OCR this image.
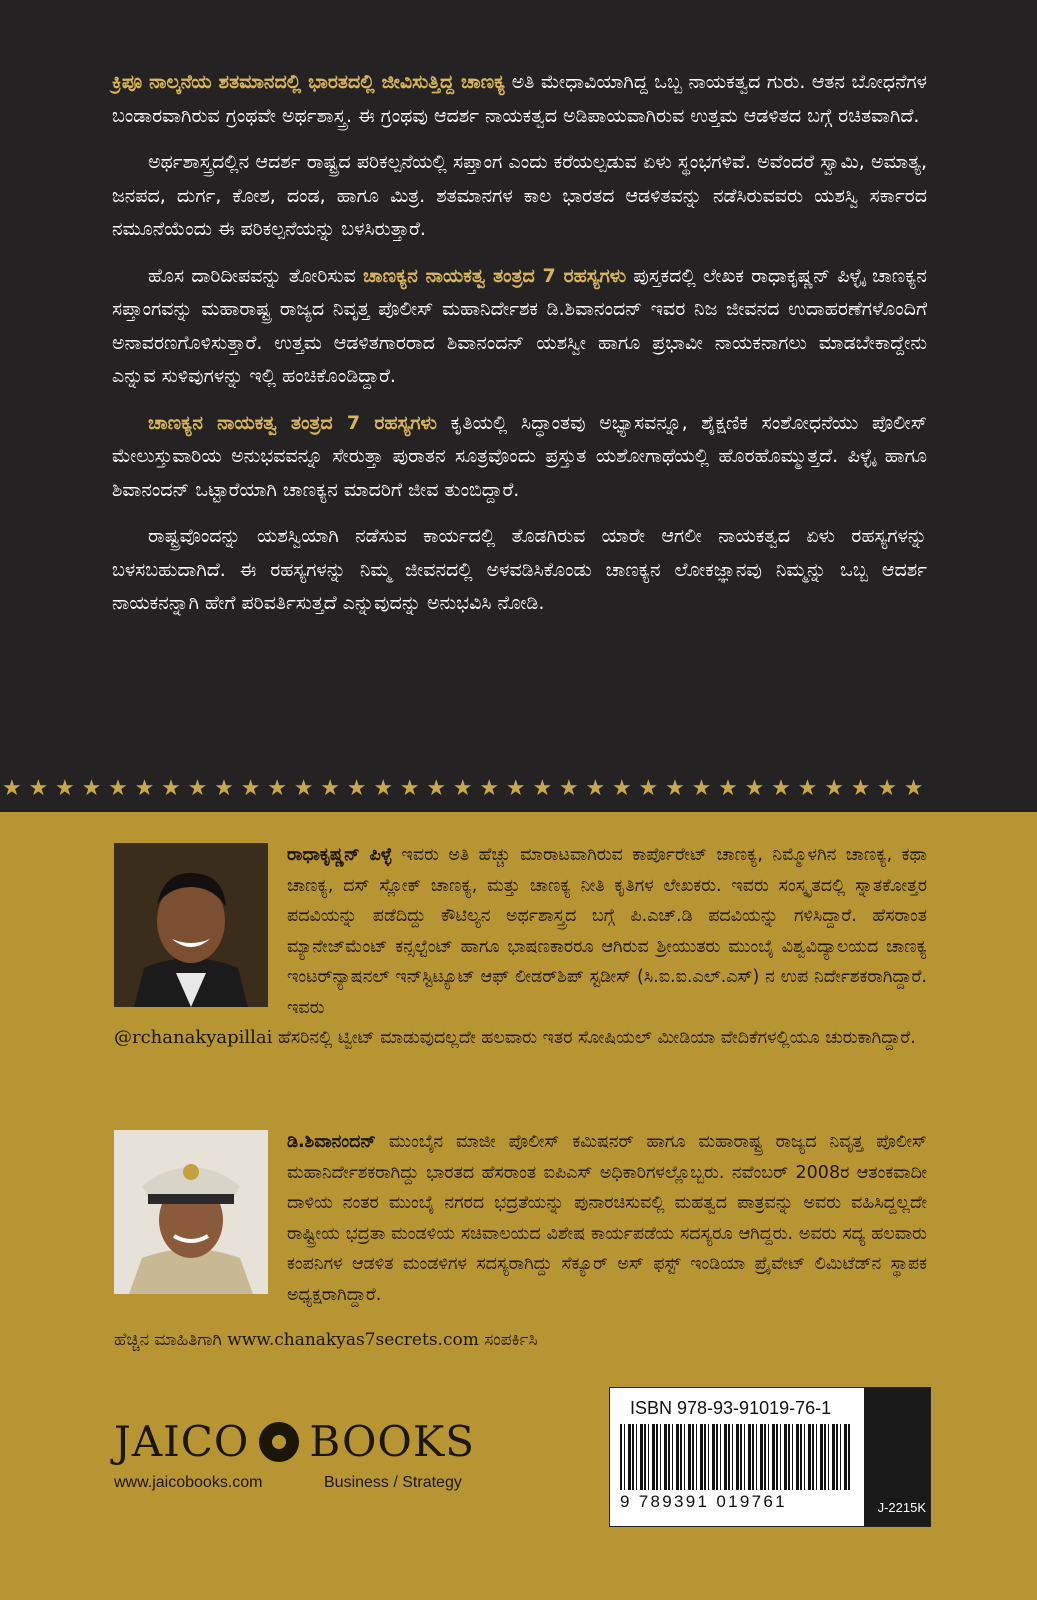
ಕ್ರಿಪೂ ನಾಲ್ಕನೆಯ ಶತಮಾನದಲ್ಲಿ ಭಾರತದಲ್ಲಿ ಜೀವಿಸುತ್ತಿದ್ದ ಚಾಣಕ್ಯ ಅತಿ ಮೇಧಾವಿಯಾಗಿದ್ದ ಒಬ್ಬ ನಾಯಕತ್ವದ ಗುರು. ಆತನ ಬೋಧನೆಗಳ ಬಂಡಾರವಾಗಿರುವ ಗ್ರಂಥವೇ ಅರ್ಥಶಾಸ್ತ್ರ. ಈ ಗ್ರಂಥವು ಆದರ್ಶ ನಾಯಕತ್ವದ ಅಡಿಪಾಯವಾಗಿರುವ ಉತ್ತಮ ಆಡಳಿತದ ಬಗ್ಗೆ ರಚಿತವಾಗಿದೆ.

ಅರ್ಥಶಾಸ್ತ್ರದಲ್ಲಿನ ಆದರ್ಶ ರಾಷ್ಟ್ರದ ಪರಿಕಲ್ಪನೆಯಲ್ಲಿ ಸಪ್ತಾಂಗ ಎಂದು ಕರೆಯಲ್ಪಡುವ ಏಳು ಸ್ಥಂಭಗಳಿವೆ. ಅವೆಂದರೆ ಸ್ವಾಮಿ, ಅಮಾತ್ಯ, ಜನಪದ, ದುರ್ಗ, ಕೋಶ, ದಂಡ, ಹಾಗೂ ಮಿತ್ರ. ಶತಮಾನಗಳ ಕಾಲ ಭಾರತದ ಆಡಳಿತವನ್ನು ನಡೆಸಿರುವವರು ಯಶಸ್ವಿ ಸರ್ಕಾರದ ನಮೂನೆಯೆಂದು ಈ ಪರಿಕಲ್ಪನೆಯನ್ನು ಬಳಸಿರುತ್ತಾರೆ.

ಹೊಸ ದಾರಿದೀಪವನ್ನು ತೋರಿಸುವ ಚಾಣಕ್ಯನ ನಾಯಕತ್ವ ತಂತ್ರದ 7 ರಹಸ್ಯಗಳು ಪುಸ್ತಕದಲ್ಲಿ ಲೇಖಕ ರಾಧಾಕೃಷ್ಣನ್ ಪಿಳ್ಳೈ ಚಾಣಕ್ಯನ ಸಪ್ತಾಂಗವನ್ನು ಮಹಾರಾಷ್ಟ್ರ ರಾಜ್ಯದ ನಿವೃತ್ತ ಪೊಲೀಸ್ ಮಹಾನಿರ್ದೇಶಕ ಡಿ.ಶಿವಾನಂದನ್ ಇವರ ನಿಜ ಜೀವನದ ಉದಾಹರಣೆಗಳೊಂದಿಗೆ ಅನಾವರಣಗೊಳಿಸುತ್ತಾರೆ. ಉತ್ತಮ ಆಡಳಿತಗಾರರಾದ ಶಿವಾನಂದನ್ ಯಶಸ್ವೀ ಹಾಗೂ ಪ್ರಭಾವೀ ನಾಯಕನಾಗಲು ಮಾಡಬೇಕಾದ್ದೇನು ಎನ್ನುವ ಸುಳಿವುಗಳನ್ನು ಇಲ್ಲಿ ಹಂಚಿಕೊಂಡಿದ್ದಾರೆ.

ಚಾಣಕ್ಯನ ನಾಯಕತ್ವ ತಂತ್ರದ 7 ರಹಸ್ಯಗಳು ಕೃತಿಯಲ್ಲಿ ಸಿದ್ಧಾಂತವು ಅಭ್ಯಾಸವನ್ನೂ, ಶೈಕ್ಷಣಿಕ ಸಂಶೋಧನೆಯು ಪೊಲೀಸ್ ಮೇಲುಸ್ತುವಾರಿಯ ಅನುಭವವನ್ನೂ ಸೇರುತ್ತಾ ಪುರಾತನ ಸೂತ್ರವೊಂದು ಪ್ರಸ್ತುತ ಯಶೋಗಾಥೆಯಲ್ಲಿ ಹೊರಹೊಮ್ಮುತ್ತದೆ. ಪಿಳ್ಳೈ ಹಾಗೂ ಶಿವಾನಂದನ್ ಒಟ್ಟಾರೆಯಾಗಿ ಚಾಣಕ್ಯನ ಮಾದರಿಗೆ ಜೀವ ತುಂಬಿದ್ದಾರೆ.

ರಾಷ್ಟ್ರವೊಂದನ್ನು ಯಶಸ್ವಿಯಾಗಿ ನಡೆಸುವ ಕಾರ್ಯದಲ್ಲಿ ತೊಡಗಿರುವ ಯಾರೇ ಆಗಲೀ ನಾಯಕತ್ವದ ಏಳು ರಹಸ್ಯಗಳನ್ನು ಬಳಸಬಹುದಾಗಿದೆ. ಈ ರಹಸ್ಯಗಳನ್ನು ನಿಮ್ಮ ಜೀವನದಲ್ಲಿ ಅಳವಡಿಸಿಕೊಂಡು ಚಾಣಕ್ಯನ ಲೋಕಜ್ಞಾನವು ನಿಮ್ಮನ್ನು ಒಬ್ಬ ಆದರ್ಶ ನಾಯಕನನ್ನಾಗಿ ಹೇಗೆ ಪರಿವರ್ತಿಸುತ್ತದೆ ಎನ್ನುವುದನ್ನು ಅನುಭವಿಸಿ ನೋಡಿ.

★★★★★★★★★★★★★★★★★★★★★★★★★★★★★★★★★★★
ರಾಧಾಕೃಷ್ಣನ್ ಪಿಳ್ಳೆ ಇವರು ಅತಿ ಹೆಚ್ಚು ಮಾರಾಟವಾಗಿರುವ ಕಾರ್ಪೊರೇಟ್ ಚಾಣಕ್ಯ, ನಿಮ್ಮೊಳಗಿನ ಚಾಣಕ್ಯ, ಕಥಾ ಚಾಣಕ್ಯ, ದಸ್ ಸ್ಲೋಕ್ ಚಾಣಕ್ಯ, ಮತ್ತು ಚಾಣಕ್ಯ ನೀತಿ ಕೃತಿಗಳ ಲೇಖಕರು. ಇವರು ಸಂಸ್ಕೃತದಲ್ಲಿ ಸ್ನಾತಕೋತ್ತರ ಪದವಿಯನ್ನು ಪಡೆದಿದ್ದು ಕೌಟಿಲ್ಯನ ಅರ್ಥಶಾಸ್ತ್ರದ ಬಗ್ಗೆ ಪಿ.ಎಚ್.ಡಿ ಪದವಿಯನ್ನು ಗಳಿಸಿದ್ದಾರೆ. ಹೆಸರಾಂತ ಮ್ಯಾನೇಜ್‌ಮೆಂಟ್ ಕನ್ಸಲ್ಟೆಂಟ್ ಹಾಗೂ ಭಾಷಣಕಾರರೂ ಆಗಿರುವ ಶ್ರೀಯುತರು ಮುಂಬೈ ವಿಶ್ವವಿದ್ಯಾಲಯದ ಚಾಣಕ್ಯ ಇಂಟರ್‌ನ್ಯಾಷನಲ್ ಇನ್‌ಸ್ಟಿಟ್ಯೂಟ್ ಆಫ್ ಲೀಡರ್‌ಶಿಪ್ ಸ್ಟಡೀಸ್ (ಸಿ.ಐ.ಐ.ಎಲ್.ಎಸ್) ನ ಉಪ ನಿರ್ದೇಶಕರಾಗಿದ್ದಾರೆ. ಇವರು
@rchanakyapillai ಹೆಸರಿನಲ್ಲಿ ಟ್ವೀಟ್ ಮಾಡುವುದಲ್ಲದೇ ಹಲವಾರು ಇತರ ಸೋಷಿಯಲ್ ಮೀಡಿಯಾ ವೇದಿಕೆಗಳಲ್ಲಿಯೂ ಚುರುಕಾಗಿದ್ದಾರೆ.
ಡಿ.ಶಿವಾನಂದನ್ ಮುಂಬೈನ ಮಾಜೀ ಪೊಲೀಸ್ ಕಮಿಷನರ್ ಹಾಗೂ ಮಹಾರಾಷ್ಟ್ರ ರಾಜ್ಯದ ನಿವೃತ್ತ ಪೊಲೀಸ್ ಮಹಾನಿರ್ದೇಶಕರಾಗಿದ್ದು ಭಾರತದ ಹೆಸರಾಂತ ಐಪಿಎಸ್ ಅಧಿಕಾರಿಗಳಲ್ಲೊಬ್ಬರು. ನವೆಂಬರ್ 2008ರ ಆತಂಕವಾದೀ ದಾಳಿಯ ನಂತರ ಮುಂಬೈ ನಗರದ ಭದ್ರತೆಯನ್ನು ಪುನಾರಚಿಸುವಲ್ಲಿ ಮಹತ್ವದ ಪಾತ್ರವನ್ನು ಅವರು ವಹಿಸಿದ್ದಲ್ಲದೇ ರಾಷ್ಟ್ರೀಯ ಭದ್ರತಾ ಮಂಡಳಿಯ ಸಚಿವಾಲಯದ ವಿಶೇಷ ಕಾರ್ಯಪಡೆಯ ಸದಸ್ಯರೂ ಆಗಿದ್ದರು. ಅವರು ಸದ್ಯ ಹಲವಾರು ಕಂಪನಿಗಳ ಆಡಳಿತ ಮಂಡಳಿಗಳ ಸದಸ್ಯರಾಗಿದ್ದು ಸೆಕ್ಯೂರ್ ಅಸ್ ಫಸ್ಟ್ ಇಂಡಿಯಾ ಪ್ರೈವೇಟ್ ಲಿಮಿಟೆಡ್‌ನ ಸ್ಥಾಪಕ ಅಧ್ಯಕ್ಷರಾಗಿದ್ದಾರೆ.
ಹೆಚ್ಚಿನ ಮಾಹಿತಿಗಾಗಿ www.chanakyas7secrets.com ಸಂಪರ್ಕಿಸಿ
JAICO BOOKS
www.jaicobooks.com	Business / Strategy
ISBN 978-93-91019-76-1
9 789391 019761	J-2215K
